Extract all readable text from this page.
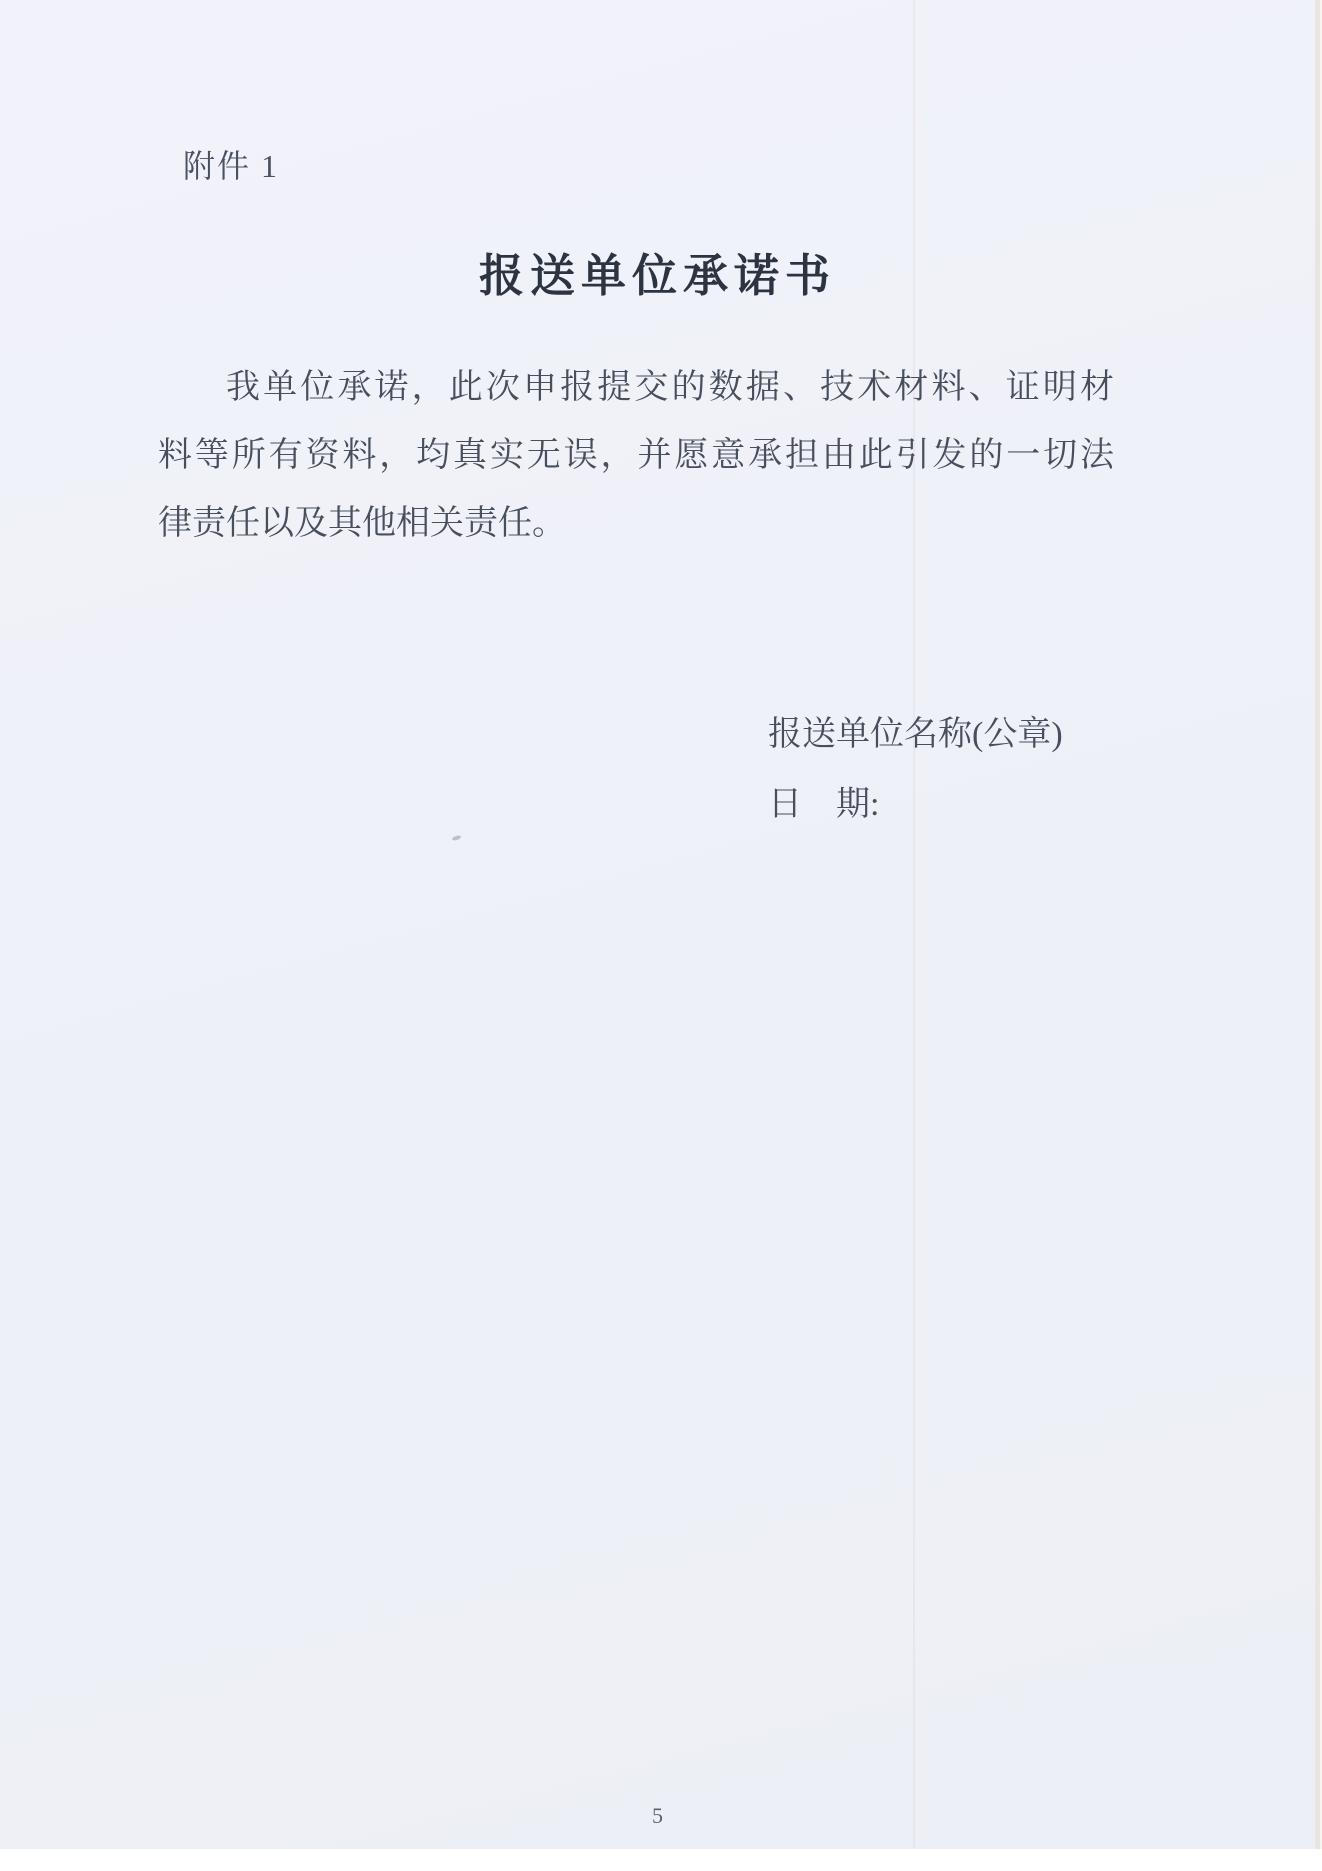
附件 1
报送单位承诺书
我单位承诺，此次申报提交的数据、技术材料、证明材
料等所有资料，均真实无误，并愿意承担由此引发的一切法
律责任以及其他相关责任。
报送单位名称(公章)
日　期:
5
